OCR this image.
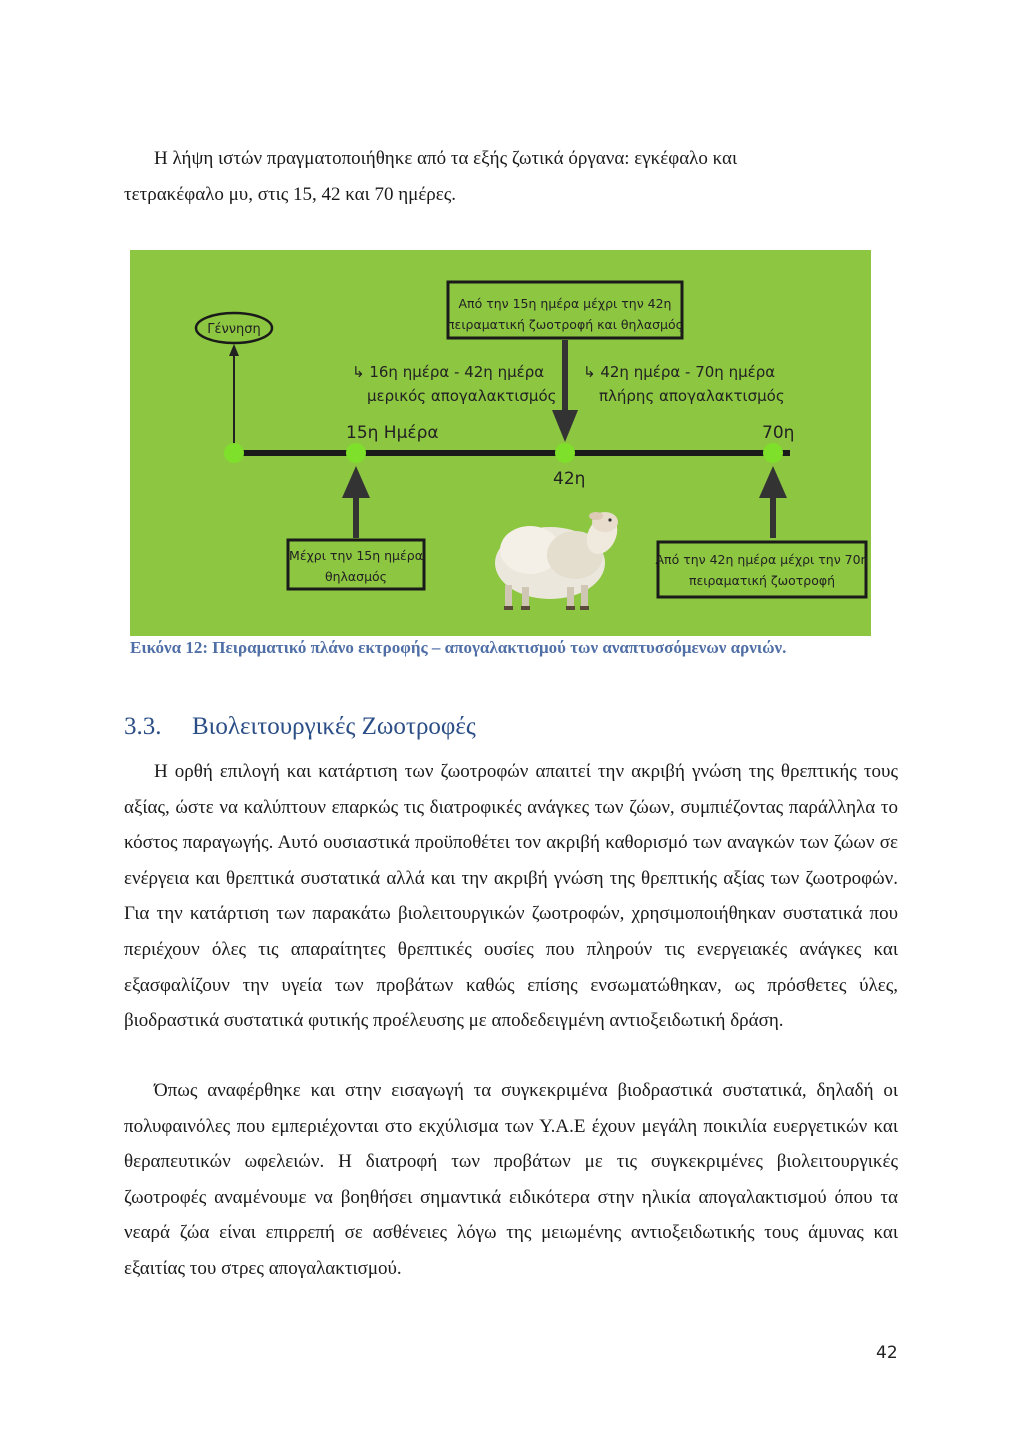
Η λήψη ιστών πραγματοποιήθηκε από τα εξής ζωτικά όργανα: εγκέφαλο και
τετρακέφαλο μυ, στις 15, 42 και 70 ημέρες.

Γέννηση
Από την 15η ημέρα μέχρι την 42η
πειραματική ζωοτροφή και θηλασμός
↳ 16η ημέρα - 42η ημέρα
μερικός απογαλακτισμός
↳ 42η ημέρα - 70η ημέρα
πλήρης απογαλακτισμός
15η Ημέρα	70η
42η
Μέχρι την 15η ημέρα
θηλασμός
Από την 42η ημέρα μέχρι την 70η
πειραματική ζωοτροφή
Εικόνα 12: Πειραματικό πλάνο εκτροφής – απογαλακτισμού των αναπτυσσόμενων αρνιών.
3.3. Βιολειτουργικές Ζωοτροφές

Η ορθή επιλογή και κατάρτιση των ζωοτροφών απαιτεί την ακριβή γνώση της θρεπτικής τους αξίας, ώστε να καλύπτουν επαρκώς τις διατροφικές ανάγκες των ζώων, συμπιέζοντας παράλληλα το κόστος παραγωγής. Αυτό ουσιαστικά προϋποθέτει τον ακριβή καθορισμό των αναγκών των ζώων σε ενέργεια και θρεπτικά συστατικά αλλά και την ακριβή γνώση της θρεπτικής αξίας των ζωοτροφών. Για την κατάρτιση των παρακάτω βιολειτουργικών ζωοτροφών, χρησιμοποιήθηκαν συστατικά που περιέχουν όλες τις απαραίτητες θρεπτικές ουσίες που πληρούν τις ενεργειακές ανάγκες και εξασφαλίζουν την υγεία των προβάτων καθώς επίσης ενσωματώθηκαν, ως πρόσθετες ύλες, βιοδραστικά συστατικά φυτικής προέλευσης με αποδεδειγμένη αντιοξειδωτική δράση.

Όπως αναφέρθηκε και στην εισαγωγή τα συγκεκριμένα βιοδραστικά συστατικά, δηλαδή οι πολυφαινόλες που εμπεριέχονται στο εκχύλισμα των Υ.Α.Ε έχουν μεγάλη ποικιλία ευεργετικών και θεραπευτικών ωφελειών. Η διατροφή των προβάτων με τις συγκεκριμένες βιολειτουργικές ζωοτροφές αναμένουμε να βοηθήσει σημαντικά ειδικότερα στην ηλικία απογαλακτισμού όπου τα νεαρά ζώα είναι επιρρεπή σε ασθένειες λόγω της μειωμένης αντιοξειδωτικής τους άμυνας και εξαιτίας του στρες απογαλακτισμού.

42
